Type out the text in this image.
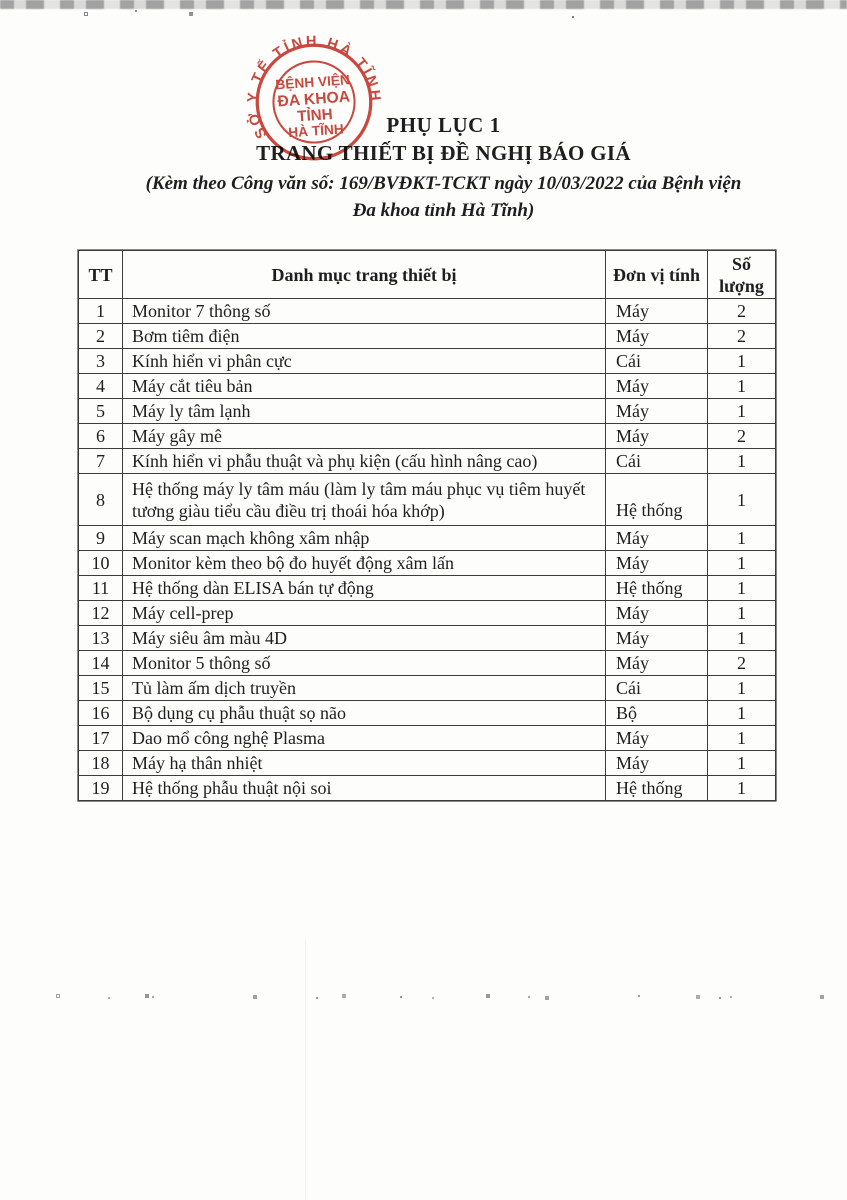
SỞ Y TẾ TỈNH HÀ TĨNH
BỆNH VIỆN
ĐA KHOA
TỈNH
HÀ TĨNH	PHỤ LỤC 1
TRANG THIẾT BỊ ĐỀ NGHỊ BÁO GIÁ
(Kèm theo Công văn số: 169/BVĐKT-TCKT ngày 10/03/2022 của Bệnh viện
Đa khoa tỉnh Hà Tĩnh)
TT	Danh mục trang thiết bị	Đơn vị tính	Số lượng
1	Monitor 7 thông số	Máy	2
2	Bơm tiêm điện	Máy	2
3	Kính hiển vi phân cực	Cái	1
4	Máy cắt tiêu bản	Máy	1
5	Máy ly tâm lạnh	Máy	1
6	Máy gây mê	Máy	2
7	Kính hiển vi phẫu thuật và phụ kiện (cấu hình nâng cao)	Cái	1
8	Hệ thống máy ly tâm máu (làm ly tâm máu phục vụ tiêm huyết tương giàu tiểu cầu điều trị thoái hóa khớp)	Hệ thống	1
9	Máy scan mạch không xâm nhập	Máy	1
10	Monitor kèm theo bộ đo huyết động xâm lấn	Máy	1
11	Hệ thống dàn ELISA bán tự động	Hệ thống	1
12	Máy cell-prep	Máy	1
13	Máy siêu âm màu 4D	Máy	1
14	Monitor 5 thông số	Máy	2
15	Tủ làm ấm dịch truyền	Cái	1
16	Bộ dụng cụ phẫu thuật sọ não	Bộ	1
17	Dao mổ công nghệ Plasma	Máy	1
18	Máy hạ thân nhiệt	Máy	1
19	Hệ thống phẫu thuật nội soi	Hệ thống	1
